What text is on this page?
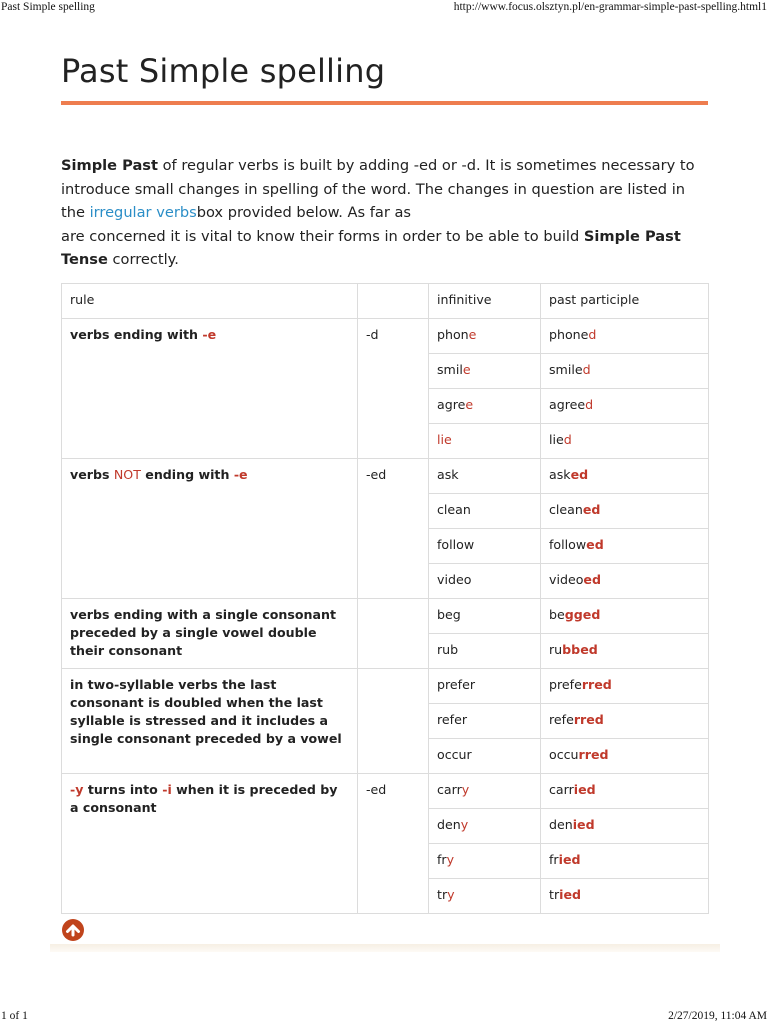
Past Simple spelling	http://www.focus.olsztyn.pl/en-grammar-simple-past-spelling.html1
Past Simple spelling

Simple Past of regular verbs is built by adding -ed or -d. It is sometimes necessary to introduce small changes in spelling of the word. The changes in question are listed in the irregular verbsbox provided below. As far as

are concerned it is vital to know their forms in order to be able to build Simple Past Tense correctly.

rule		infinitive	past participle
verbs ending with -e	-d	phone	phoned
		smile	smiled
		agree	agreed
		lie	lied
verbs NOT ending with -e	-ed	ask	asked
		clean	cleaned
		follow	followed
		video	videoed
verbs ending with a single consonant preceded by a single vowel double their consonant		beg	begged
		rub	rubbed
in two-syllable verbs the last consonant is doubled when the last syllable is stressed and it includes a single consonant preceded by a vowel		prefer	preferred
		refer	referred
		occur	occurred
-y turns into -i when it is preceded by a consonant	-ed	carry	carried
		deny	denied
		fry	fried
		try	tried
1 of 1	2/27/2019, 11:04 AM
